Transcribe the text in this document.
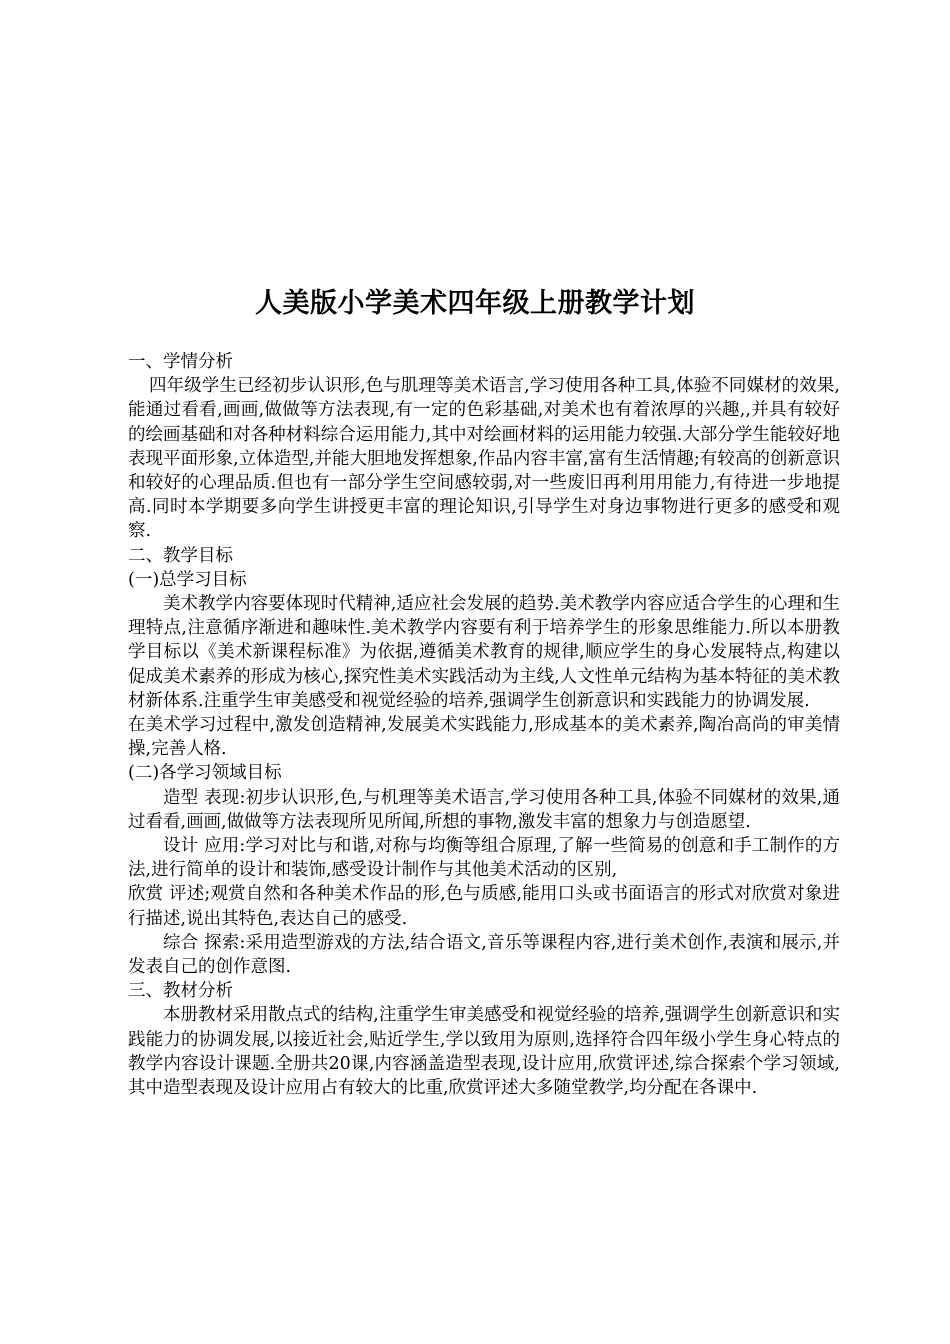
人美版小学美术四年级上册教学计划

一、学情分析

四年级学生已经初步认识形,色与肌理等美术语言,学习使用各种工具,体验不同媒材的效果,能通过看看,画画,做做等方法表现,有一定的色彩基础,对美术也有着浓厚的兴趣,,并具有较好的绘画基础和对各种材料综合运用能力,其中对绘画材料的运用能力较强.大部分学生能较好地表现平面形象,立体造型,并能大胆地发挥想象,作品内容丰富,富有生活情趣;有较高的创新意识和较好的心理品质.但也有一部分学生空间感较弱,对一些废旧再利用用能力,有待进一步地提高.同时本学期要多向学生讲授更丰富的理论知识,引导学生对身边事物进行更多的感受和观察.

二、教学目标

(一)总学习目标

美术教学内容要体现时代精神,适应社会发展的趋势.美术教学内容应适合学生的心理和生理特点,注意循序渐进和趣味性.美术教学内容要有利于培养学生的形象思维能力.所以本册教学目标以《美术新课程标准》为依据,遵循美术教育的规律,顺应学生的身心发展特点,构建以促成美术素养的形成为核心,探究性美术实践活动为主线,人文性单元结构为基本特征的美术教材新体系.注重学生审美感受和视觉经验的培养,强调学生创新意识和实践能力的协调发展.

在美术学习过程中,激发创造精神,发展美术实践能力,形成基本的美术素养,陶冶高尚的审美情操,完善人格.

(二)各学习领域目标

造型 表现:初步认识形,色,与机理等美术语言,学习使用各种工具,体验不同媒材的效果,通过看看,画画,做做等方法表现所见所闻,所想的事物,激发丰富的想象力与创造愿望.

设计 应用:学习对比与和谐,对称与均衡等组合原理,了解一些简易的创意和手工制作的方法,进行简单的设计和装饰,感受设计制作与其他美术活动的区别,

欣赏 评述;观赏自然和各种美术作品的形,色与质感,能用口头或书面语言的形式对欣赏对象进行描述,说出其特色,表达自己的感受.

综合 探索:采用造型游戏的方法,结合语文,音乐等课程内容,进行美术创作,表演和展示,并发表自己的创作意图.

三、教材分析

本册教材采用散点式的结构,注重学生审美感受和视觉经验的培养,强调学生创新意识和实践能力的协调发展,以接近社会,贴近学生,学以致用为原则,选择符合四年级小学生身心特点的教学内容设计课题.全册共20课,内容涵盖造型表现,设计应用,欣赏评述,综合探索个学习领域,其中造型表现及设计应用占有较大的比重,欣赏评述大多随堂教学,均分配在各课中.
